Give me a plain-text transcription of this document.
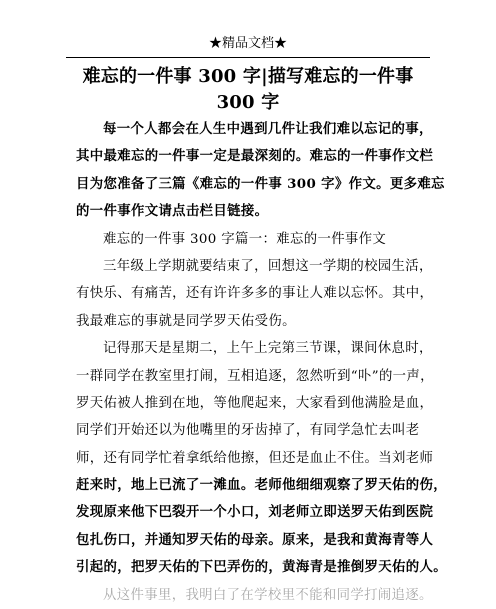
★精品文档★
难忘的一件事 300 字|描写难忘的一件事
300 字
每一个人都会在人生中遇到几件让我们难以忘记的事，
其中最难忘的一件事一定是最深刻的。难忘的一件事作文栏
目为您准备了三篇《难忘的一件事 300 字》作文。更多难忘
的一件事作文请点击栏目链接。
难忘的一件事 300 字篇一：难忘的一件事作文
三年级上学期就要结束了，回想这一学期的校园生活，
有快乐、有痛苦，还有许许多多的事让人难以忘怀。其中，
我最难忘的事就是同学罗天佑受伤。
记得那天是星期二，上午上完第三节课，课间休息时，
一群同学在教室里打闹，互相追逐，忽然听到“卟”的一声，
罗天佑被人推到在地，等他爬起来，大家看到他满脸是血，
同学们开始还以为他嘴里的牙齿掉了，有同学急忙去叫老
师，还有同学忙着拿纸给他擦，但还是血止不住。当刘老师
赶来时，地上已流了一滩血。老师他细细观察了罗天佑的伤，
发现原来他下巴裂开一个小口，刘老师立即送罗天佑到医院
包扎伤口，并通知罗天佑的母亲。原来，是我和黄海青等人
引起的，把罗天佑的下巴弄伤的，黄海青是推倒罗天佑的人。
从这件事里，我明白了在学校里不能和同学打闹追逐。
